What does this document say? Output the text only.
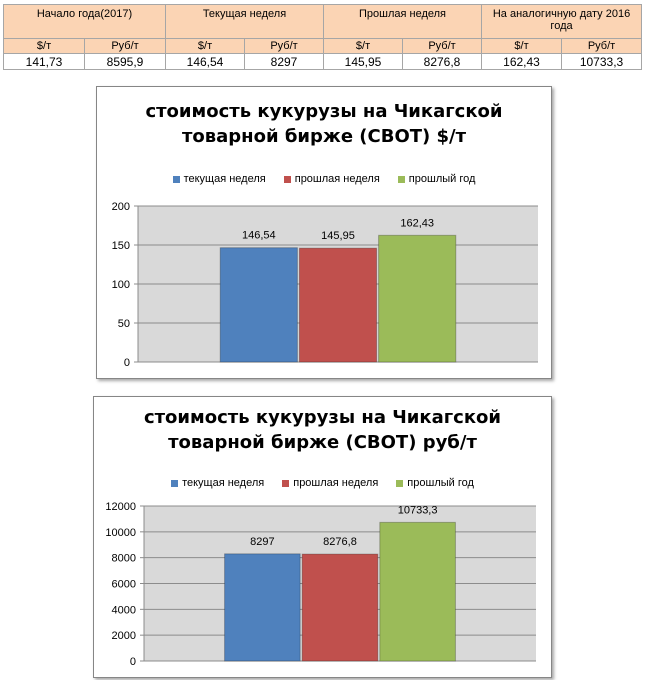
Начало года(2017)		Текущая неделя		Прошлая неделя		На аналогичную дату 2016 года	
$/т	Руб/т	$/т	Руб/т	$/т	Руб/т	$/т	Руб/т
141,73	8595,9	146,54	8297	145,95	8276,8	162,43	10733,3
стоимость кукурузы на Чикагской
товарной бирже (CBOT) $/т
текущая неделя	прошлая неделя	прошлый год
0
50
100
150
200
146,54	145,95
162,43
стоимость кукурузы на Чикагской
товарной бирже (CBOT) руб/т
текущая неделя	прошлая неделя	прошлый год
0
2000
4000
6000
8000
10000
12000
8297	8276,8
10733,3
